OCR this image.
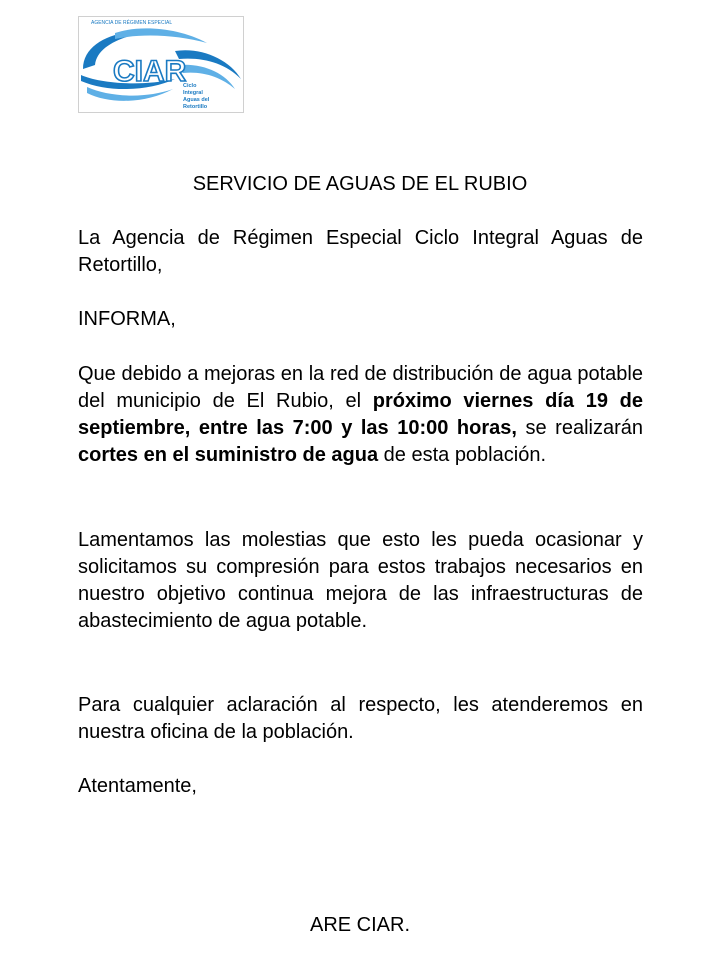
AGENCIA DE RÉGIMEN ESPECIAL
CIAR
Ciclo Integral Aguas del Retortillo
SERVICIO DE AGUAS DE EL RUBIO

La Agencia de Régimen Especial Ciclo Integral Aguas de Retortillo,

INFORMA,

Que debido a mejoras en la red de distribución de agua potable del municipio de El Rubio, el próximo viernes día 19 de septiembre, entre las 7:00 y las 10:00 horas, se realizarán cortes en el suministro de agua de esta población.

Lamentamos las molestias que esto les pueda ocasionar y solicitamos su compresión para estos trabajos necesarios en nuestro objetivo continua mejora de las infraestructuras de abastecimiento de agua potable.

Para cualquier aclaración al respecto, les atenderemos en nuestra oficina de la población.

Atentamente,

ARE CIAR.
